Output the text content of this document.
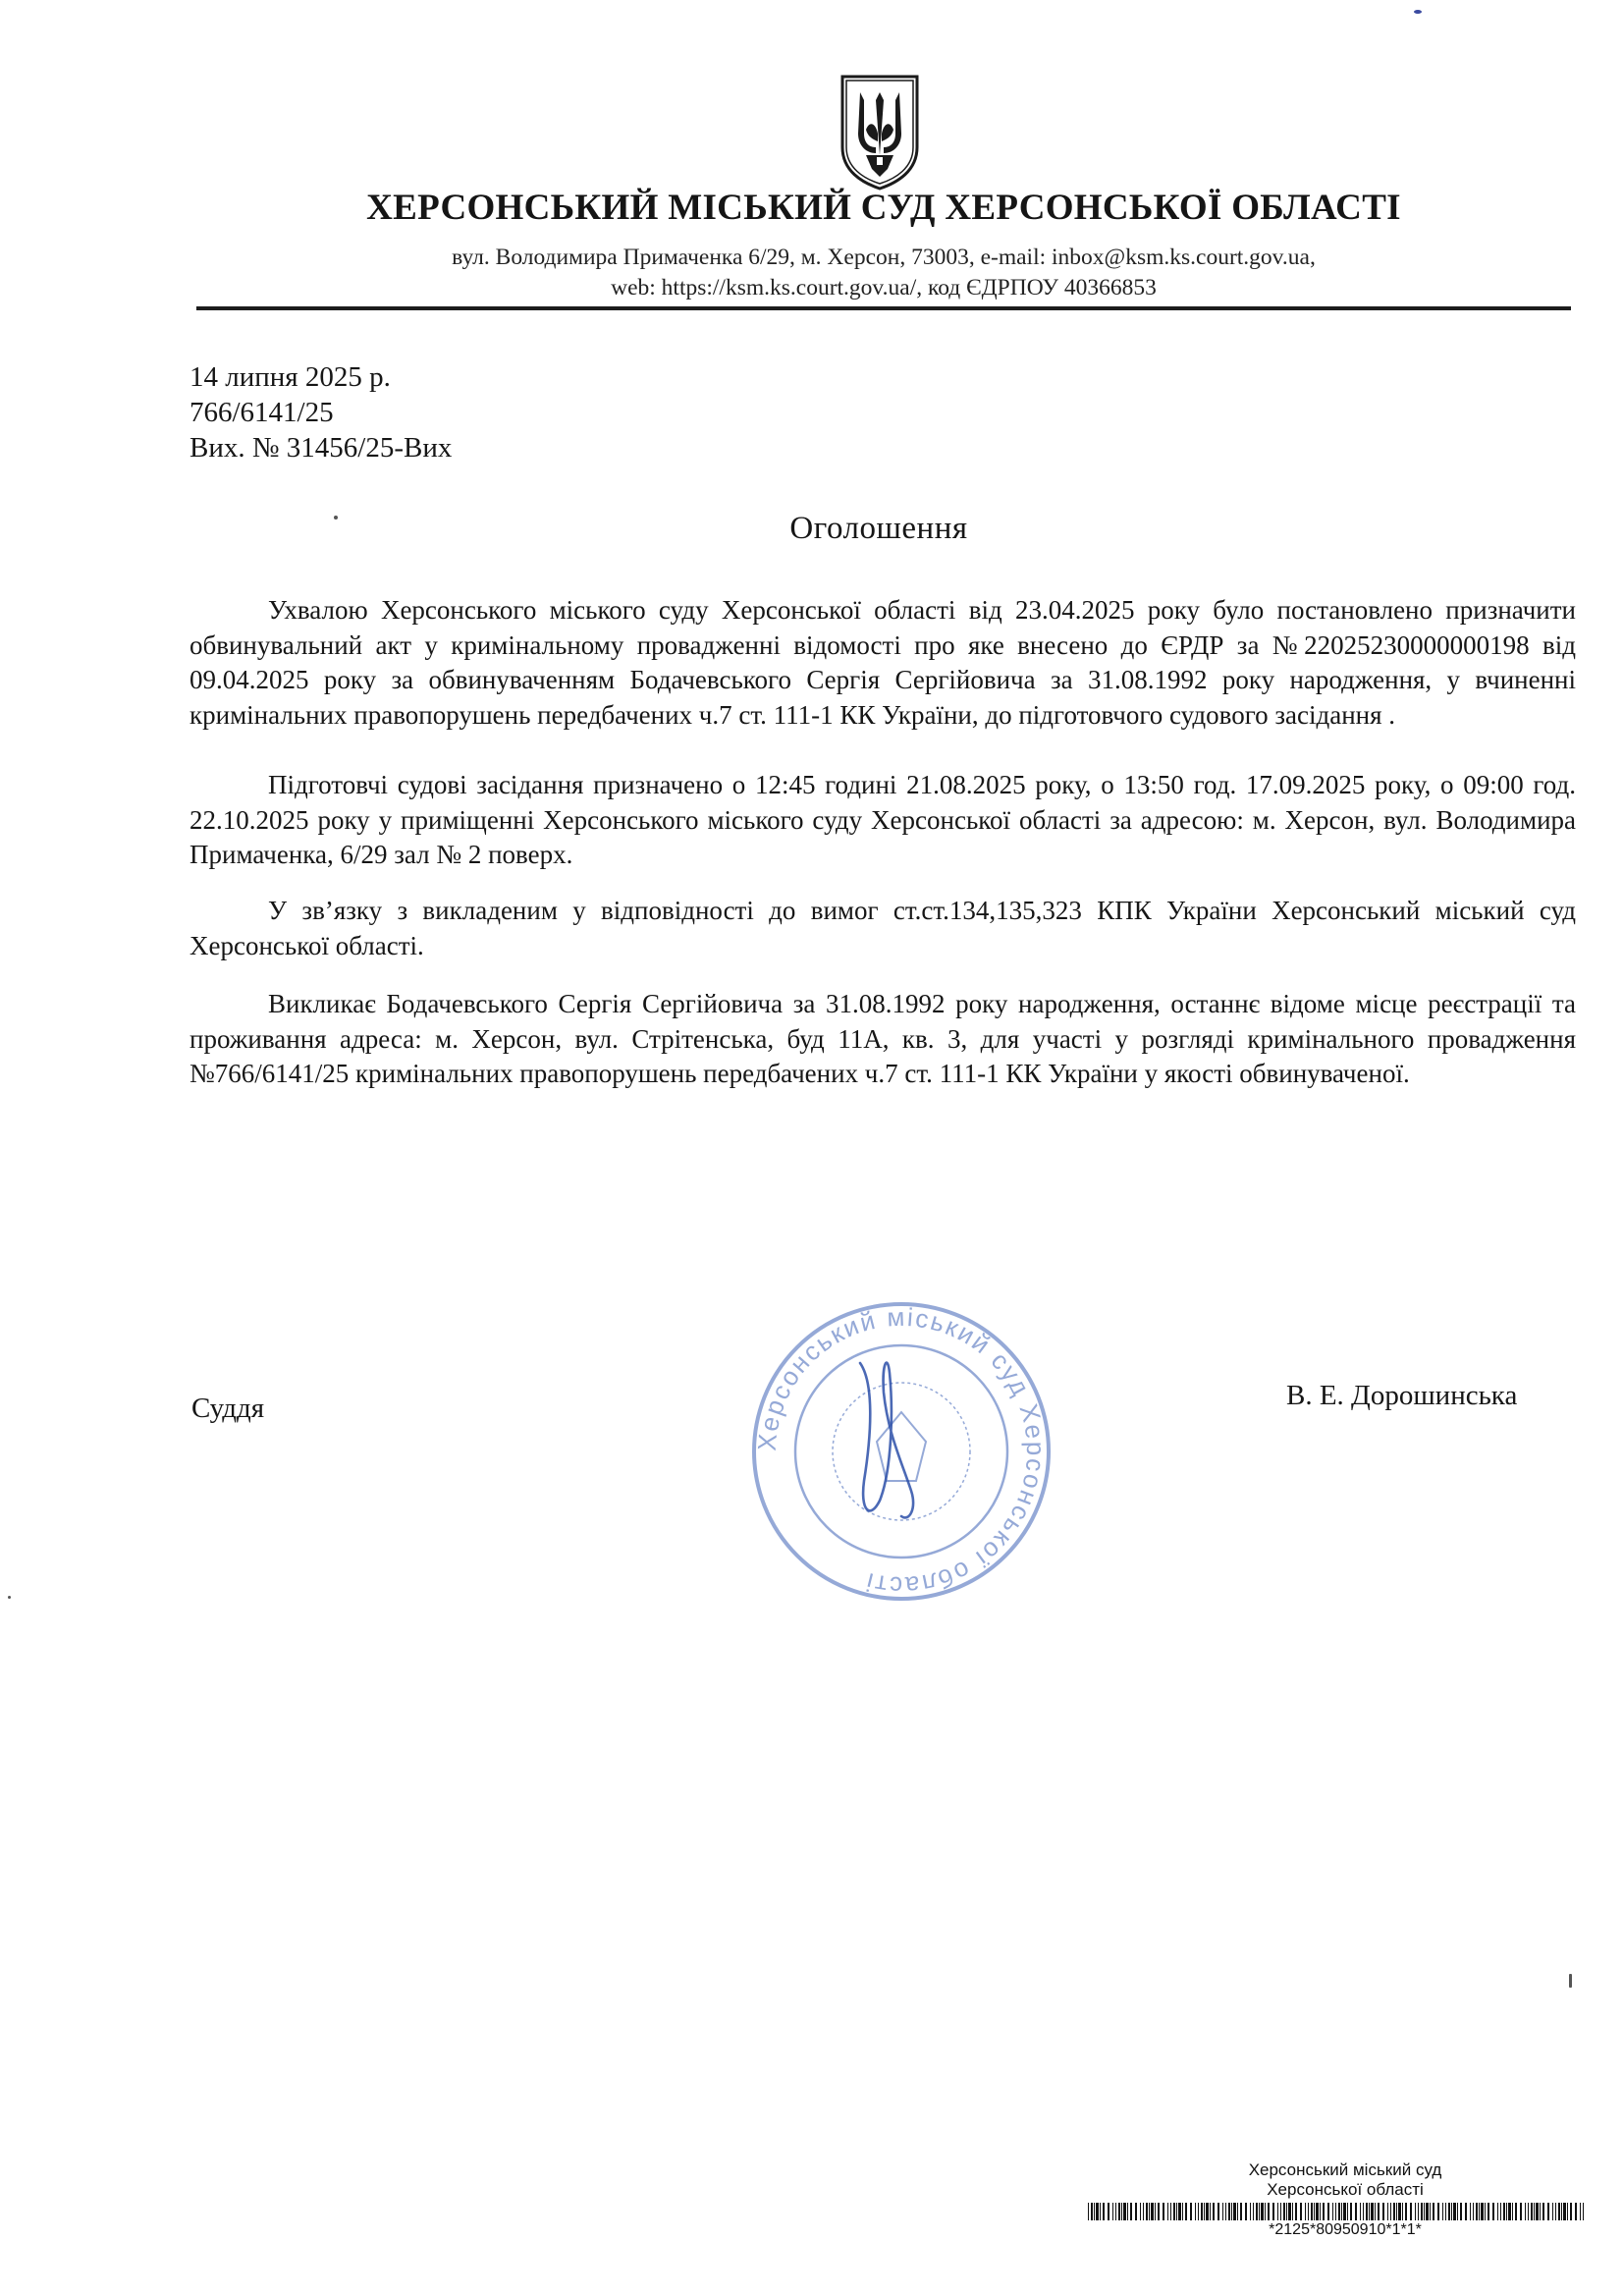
ХЕРСОНСЬКИЙ МІСЬКИЙ СУД ХЕРСОНСЬКОЇ ОБЛАСТІ
вул. Володимира Примаченка 6/29, м. Херсон, 73003, e-mail: inbox@ksm.ks.court.gov.ua,
web: https://ksm.ks.court.gov.ua/, код ЄДРПОУ 40366853
14 липня 2025 р.
766/6141/25
Вих. № 31456/25-Вих
Оголошення

Ухвалою Херсонського міського суду Херсонської області від 23.04.2025 року було постановлено призначити обвинувальний акт у кримінальному провадженні відомості про яке внесено до ЄРДР за №22025230000000198 від 09.04.2025 року за обвинуваченням Бодачевського Сергія Сергійовича за 31.08.1992 року народження, у вчиненні кримінальних правопорушень передбачених ч.7 ст. 111-1 КК України, до підготовчого судового засідання .

Підготовчі судові засідання призначено о 12:45 годині 21.08.2025 року, о 13:50 год. 17.09.2025 року, о 09:00 год. 22.10.2025 року у приміщенні Херсонського міського суду Херсонської області за адресою: м. Херсон, вул. Володимира Примаченка, 6/29 зал № 2 поверх.

У зв’язку з викладеним у відповідності до вимог ст.ст.134,135,323 КПК України Херсонський міський суд Херсонської області.

Викликає Бодачевського Сергія Сергійовича за 31.08.1992 року народження, останнє відоме місце реєстрації та проживання адреса: м. Херсон, вул. Стрітенська, буд 11А, кв. 3, для участі у розгляді кримінального провадження №766/6141/25 кримінальних правопорушень передбачених ч.7 ст. 111-1 КК України у якості обвинуваченої.

Херсонський міський суд Херсонської області
Суддя	В. Е. Дорошинська
Херсонський міський суд
Херсонської області
*2125*80950910*1*1*
